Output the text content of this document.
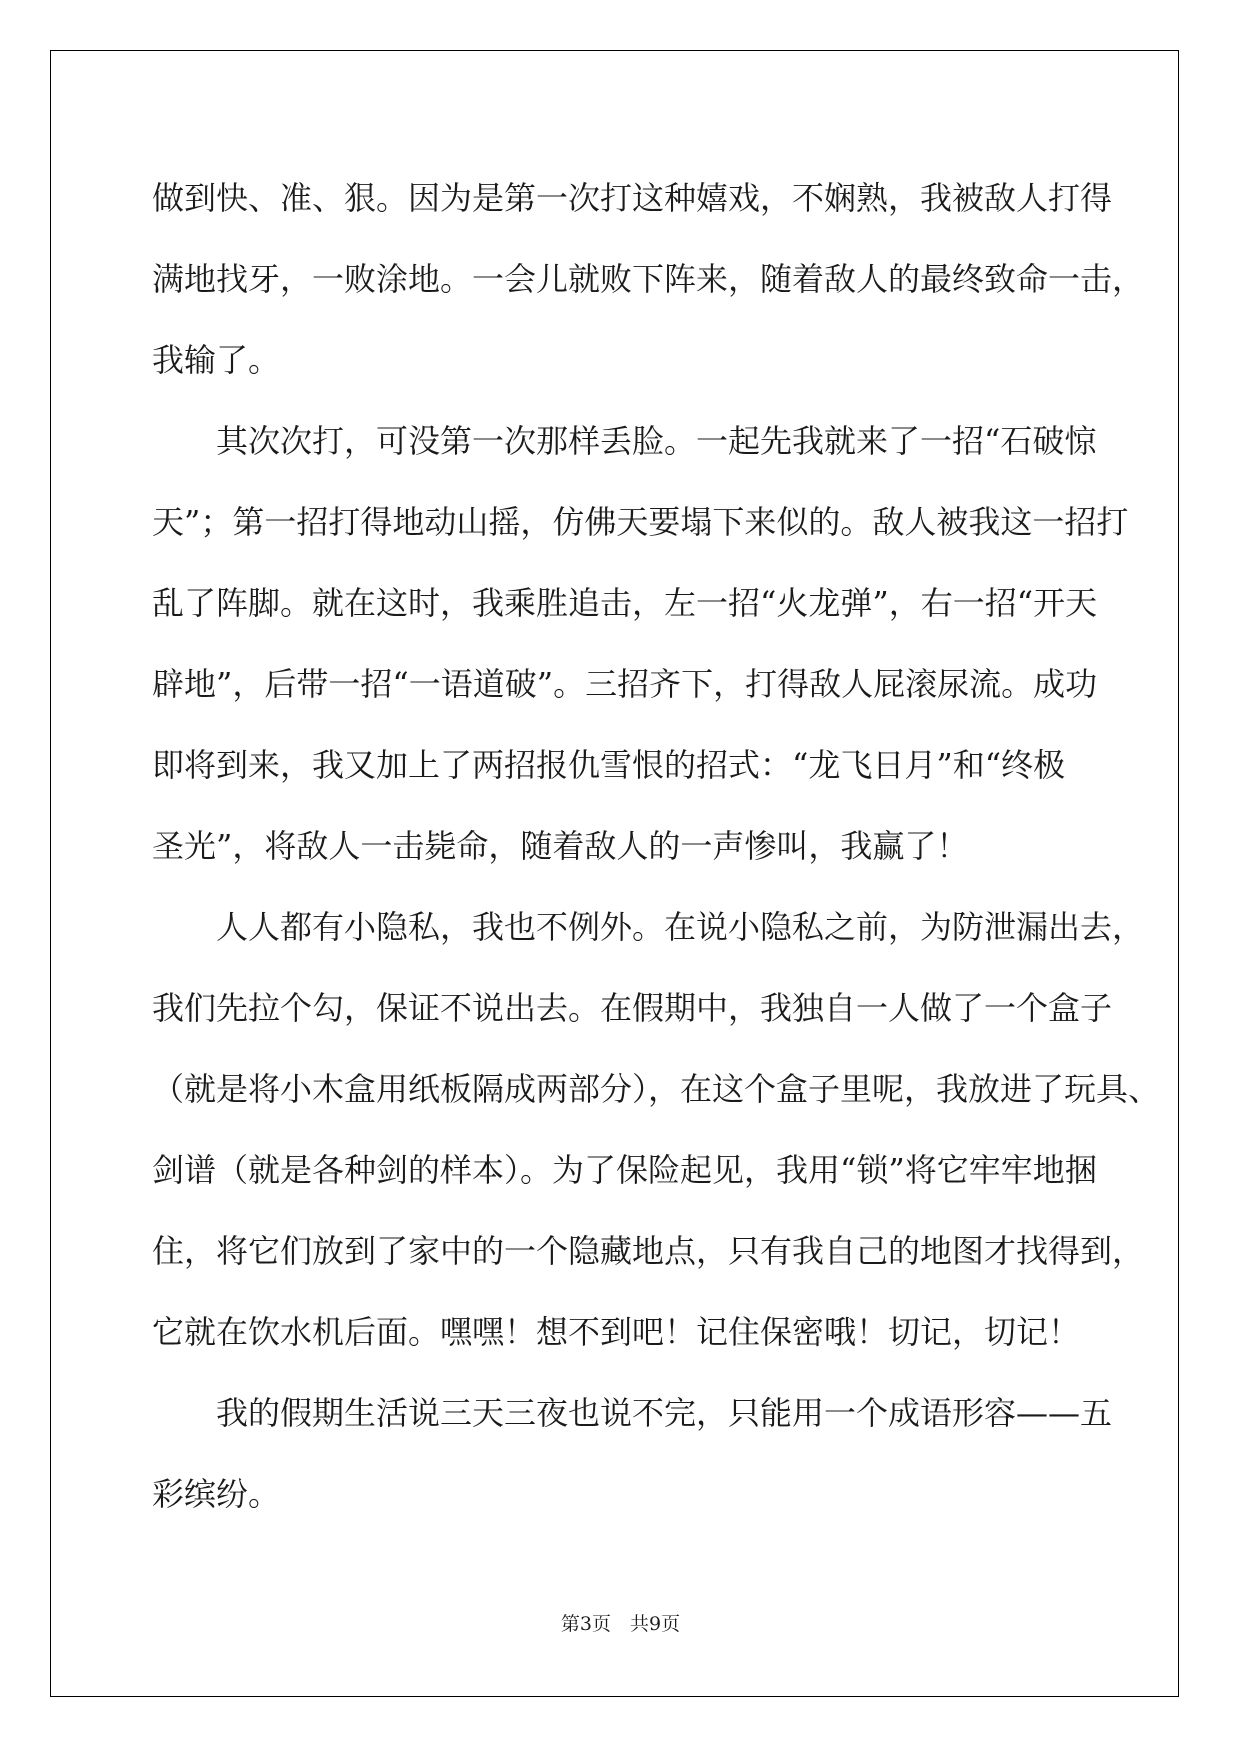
做到快、准、狠。因为是第一次打这种嬉戏，不娴熟，我被敌人打得
满地找牙，一败涂地。一会儿就败下阵来，随着敌人的最终致命一击，
我输了。
　　其次次打，可没第一次那样丢脸。一起先我就来了一招“石破惊
天”；第一招打得地动山摇，仿佛天要塌下来似的。敌人被我这一招打
乱了阵脚。就在这时，我乘胜追击，左一招“火龙弹”，右一招“开天
辟地”，后带一招“一语道破”。三招齐下，打得敌人屁滚尿流。成功
即将到来，我又加上了两招报仇雪恨的招式：“龙飞日月”和“终极
圣光”，将敌人一击毙命，随着敌人的一声惨叫，我赢了！
　　人人都有小隐私，我也不例外。在说小隐私之前，为防泄漏出去，
我们先拉个勾，保证不说出去。在假期中，我独自一人做了一个盒子
（就是将小木盒用纸板隔成两部分），在这个盒子里呢，我放进了玩具、
剑谱（就是各种剑的样本）。为了保险起见，我用“锁”将它牢牢地捆
住，将它们放到了家中的一个隐藏地点，只有我自己的地图才找得到，
它就在饮水机后面。嘿嘿！想不到吧！记住保密哦！切记，切记！
　　我的假期生活说三天三夜也说不完，只能用一个成语形容——五
彩缤纷。
第3页　共9页
